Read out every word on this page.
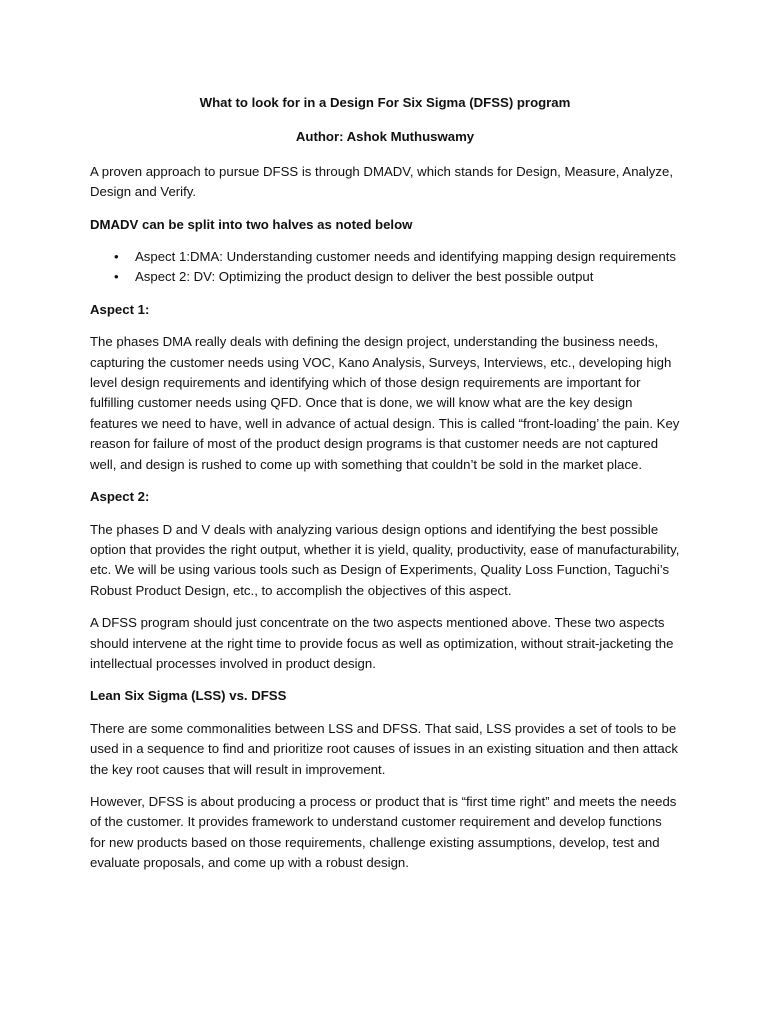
What to look for in a Design For Six Sigma (DFSS) program

Author: Ashok Muthuswamy

A proven approach to pursue DFSS is through DMADV, which stands for Design, Measure, Analyze, Design and Verify.

DMADV can be split into two halves as noted below

• Aspect 1:DMA: Understanding customer needs and identifying mapping design requirements
• Aspect 2: DV: Optimizing the product design to deliver the best possible output

Aspect 1:

The phases DMA really deals with defining the design project, understanding the business needs, capturing the customer needs using VOC, Kano Analysis, Surveys, Interviews, etc., developing high level design requirements and identifying which of those design requirements are important for fulfilling customer needs using QFD. Once that is done, we will know what are the key design features we need to have, well in advance of actual design. This is called “front-loading’ the pain. Key reason for failure of most of the product design programs is that customer needs are not captured well, and design is rushed to come up with something that couldn’t be sold in the market place.

Aspect 2:

The phases D and V deals with analyzing various design options and identifying the best possible option that provides the right output, whether it is yield, quality, productivity, ease of manufacturability, etc. We will be using various tools such as Design of Experiments, Quality Loss Function, Taguchi’s Robust Product Design, etc., to accomplish the objectives of this aspect.

A DFSS program should just concentrate on the two aspects mentioned above. These two aspects should intervene at the right time to provide focus as well as optimization, without strait-jacketing the intellectual processes involved in product design.

Lean Six Sigma (LSS) vs. DFSS

There are some commonalities between LSS and DFSS. That said, LSS provides a set of tools to be used in a sequence to find and prioritize root causes of issues in an existing situation and then attack the key root causes that will result in improvement.

However, DFSS is about producing a process or product that is “first time right” and meets the needs of the customer. It provides framework to understand customer requirement and develop functions for new products based on those requirements, challenge existing assumptions, develop, test and evaluate proposals, and come up with a robust design.
